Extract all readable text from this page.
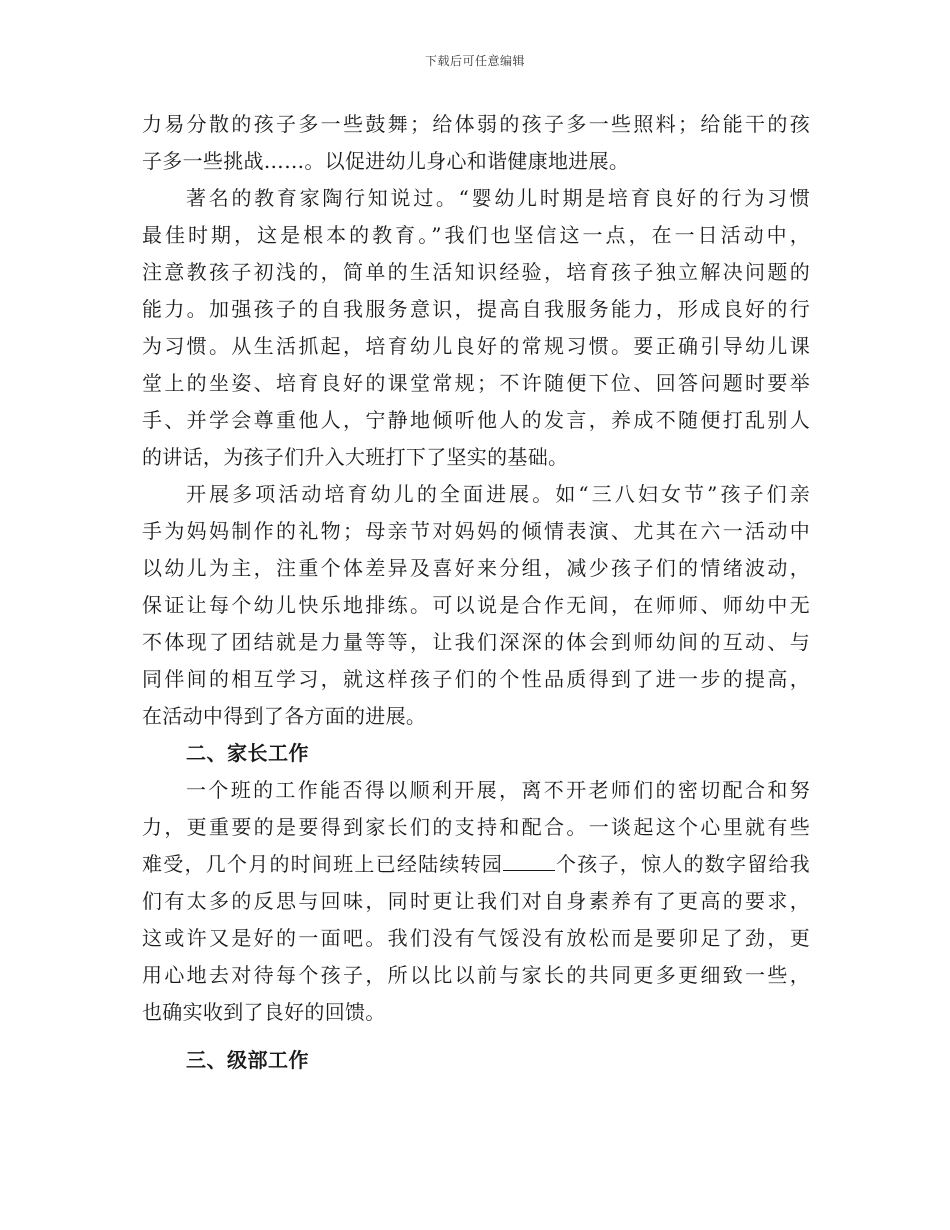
下载后可任意编辑
力易分散的孩子多一些鼓舞；给体弱的孩子多一些照料；给能干的孩
子多一些挑战……。以促进幼儿身心和谐健康地进展。
著名的教育家陶行知说过。“婴幼儿时期是培育良好的行为习惯
最佳时期，这是根本的教育。”我们也坚信这一点，在一日活动中，
注意教孩子初浅的，简单的生活知识经验，培育孩子独立解决问题的
能力。加强孩子的自我服务意识，提高自我服务能力，形成良好的行
为习惯。从生活抓起，培育幼儿良好的常规习惯。要正确引导幼儿课
堂上的坐姿、培育良好的课堂常规；不许随便下位、回答问题时要举
手、并学会尊重他人，宁静地倾听他人的发言，养成不随便打乱别人
的讲话，为孩子们升入大班打下了坚实的基础。
开展多项活动培育幼儿的全面进展。如“三八妇女节”孩子们亲
手为妈妈制作的礼物；母亲节对妈妈的倾情表演、尤其在六一活动中
以幼儿为主，注重个体差异及喜好来分组，减少孩子们的情绪波动，
保证让每个幼儿快乐地排练。可以说是合作无间，在师师、师幼中无
不体现了团结就是力量等等，让我们深深的体会到师幼间的互动、与
同伴间的相互学习，就这样孩子们的个性品质得到了进一步的提高，
在活动中得到了各方面的进展。
二、家长工作
一个班的工作能否得以顺利开展，离不开老师们的密切配合和努
力，更重要的是要得到家长们的支持和配合。一谈起这个心里就有些
难受，几个月的时间班上已经陆续转园	个孩子，惊人的数字留给我
们有太多的反思与回味，同时更让我们对自身素养有了更高的要求，
这或许又是好的一面吧。我们没有气馁没有放松而是要卯足了劲，更
用心地去对待每个孩子，所以比以前与家长的共同更多更细致一些，
也确实收到了良好的回馈。
三、级部工作
